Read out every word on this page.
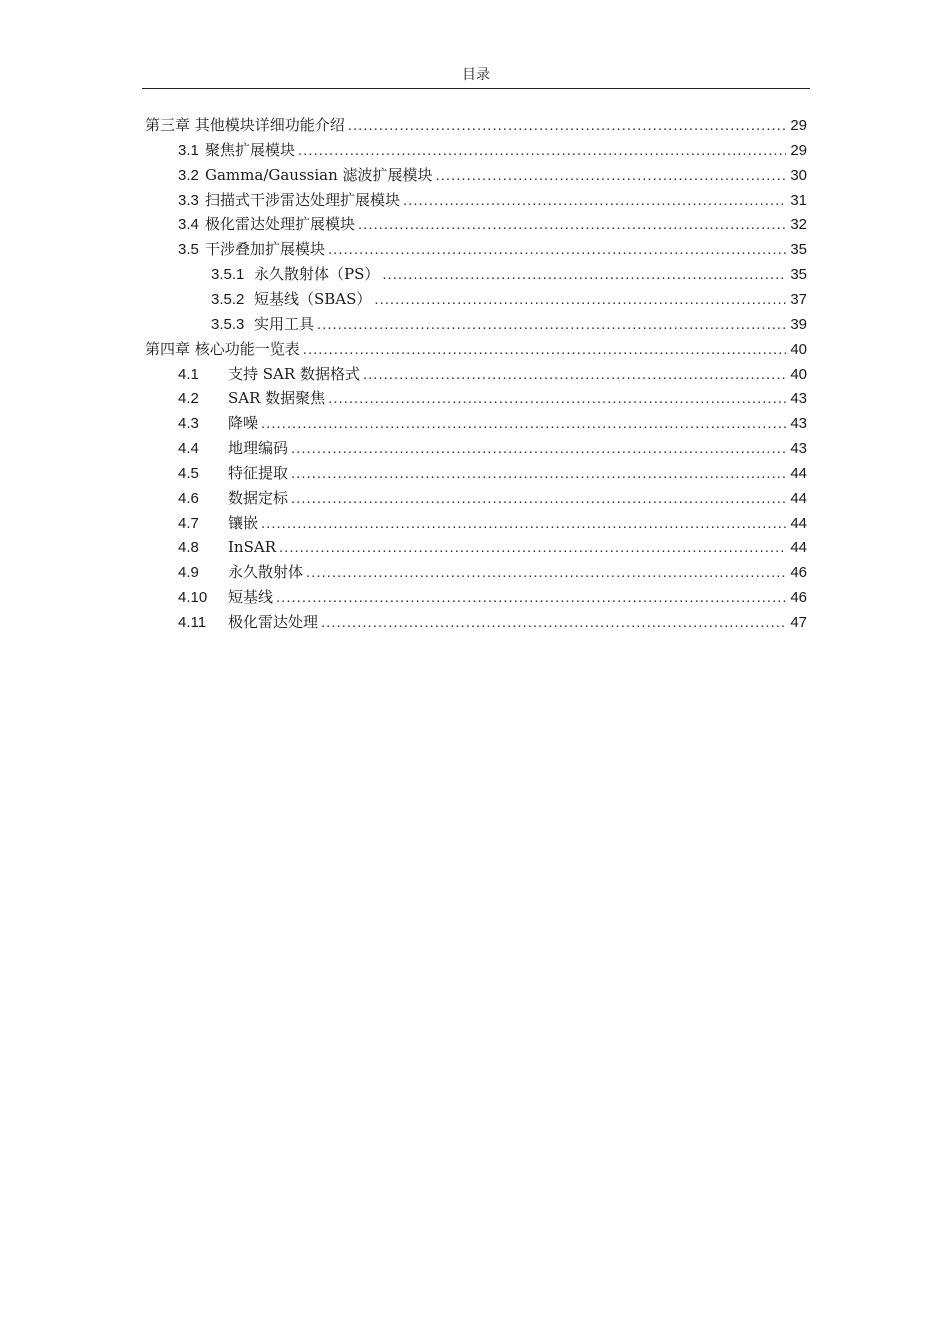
目录
第三章 其他模块详细功能介绍 .....	29
3.1 聚焦扩展模块 .....	29
3.2 Gamma/Gaussian 滤波扩展模块 .....	30
3.3 扫描式干涉雷达处理扩展模块 .....	31
3.4 极化雷达处理扩展模块 .....	32
3.5 干涉叠加扩展模块 .....	35
3.5.1 永久散射体（PS） .....	35
3.5.2 短基线（SBAS） .....	37
3.5.3 实用工具 .....	39
第四章 核心功能一览表 .....	40
4.1	支持 SAR 数据格式 .....	40
4.2	SAR 数据聚焦 .....	43
4.3	降噪 .....	43
4.4	地理编码 .....	43
4.5	特征提取 .....	44
4.6	数据定标 .....	44
4.7	镶嵌 .....	44
4.8	InSAR .....	44
4.9	永久散射体 .....	46
4.10	短基线 .....	46
4.11	极化雷达处理 .....	47
